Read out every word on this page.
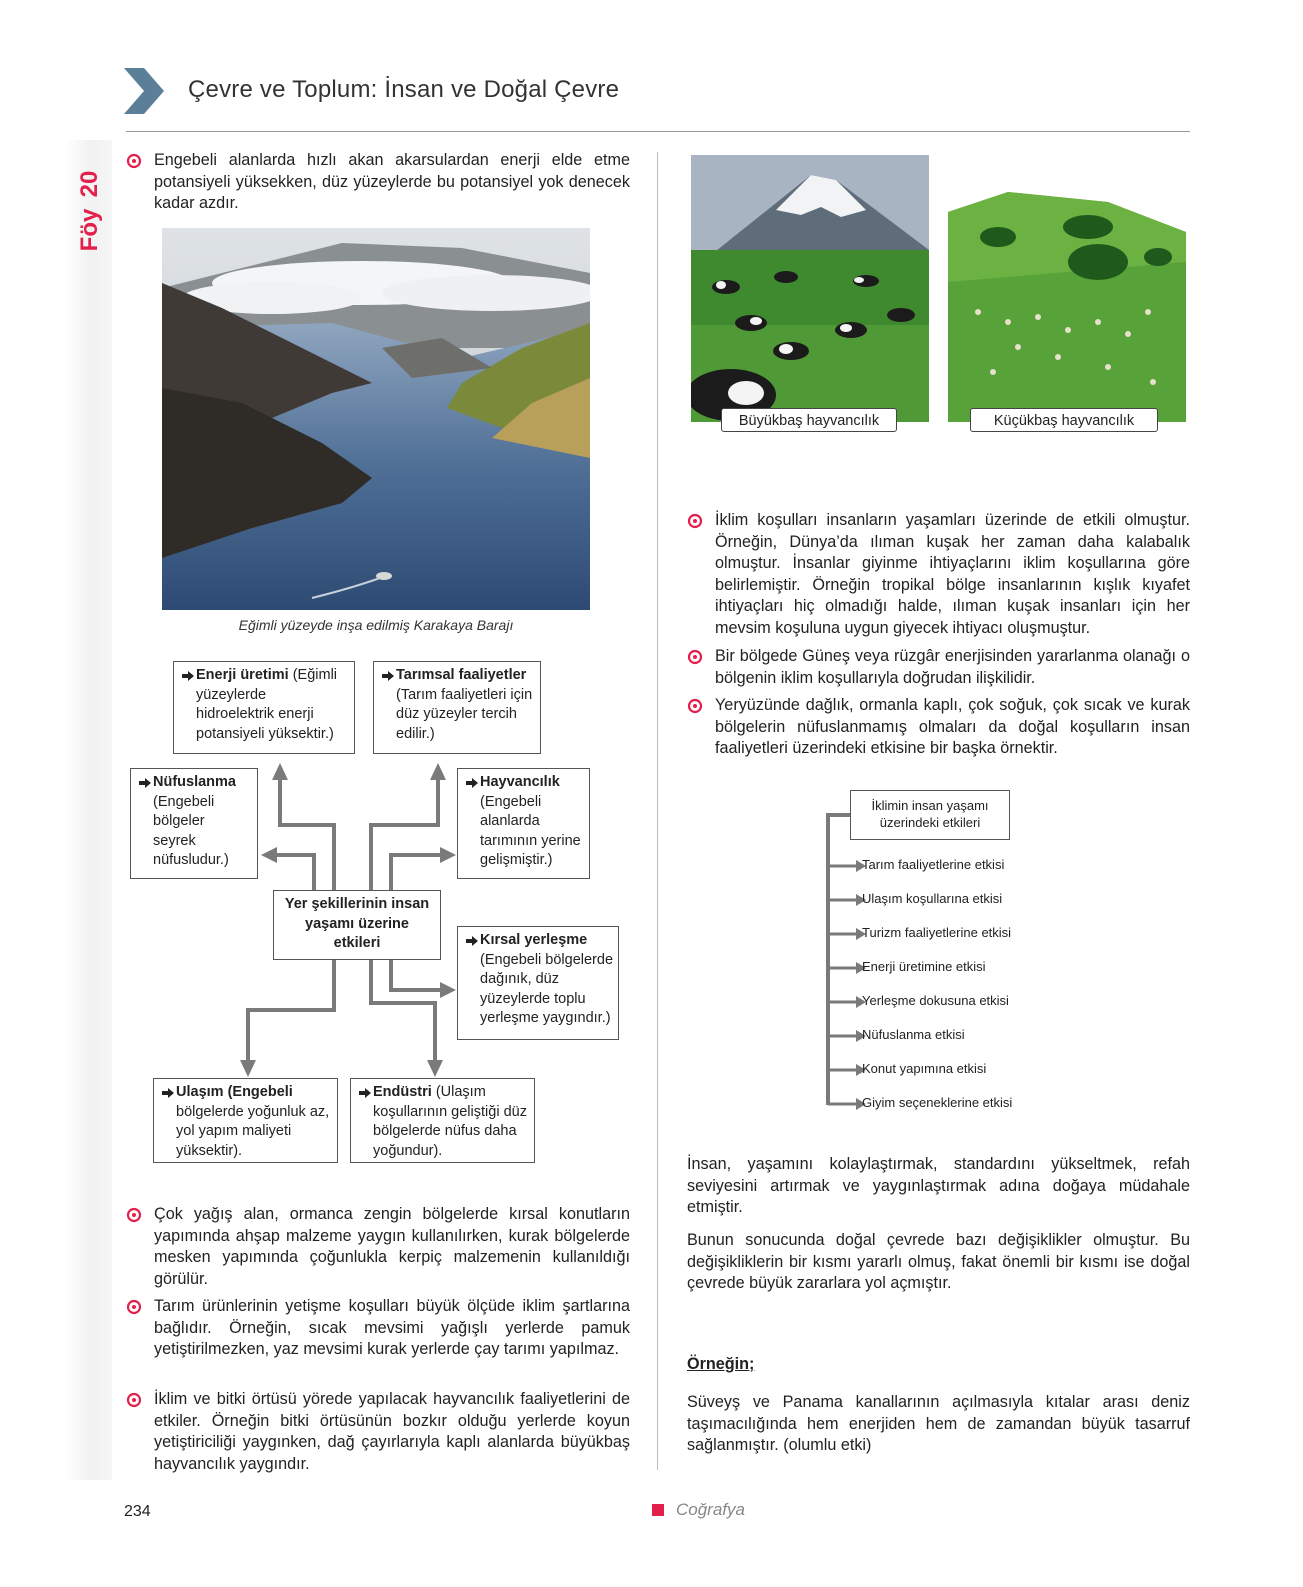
Çevre ve Toplum: İnsan ve Doğal Çevre
20
Föy
Engebeli alanlarda hızlı akan akarsulardan enerji elde etme potansiyeli yüksekken, düz yüzeylerde bu potansiyel yok denecek kadar azdır.
Eğimli yüzeyde inşa edilmiş Karakaya Barajı
Enerji üretimi (Eğimli yüzeylerde hidroelektrik enerji potansiyeli yüksektir.)
Tarımsal faaliyetler
(Tarım faaliyetleri için düz yüzeyler tercih edilir.)
Nüfuslanma
(Engebeli bölgeler seyrek nüfusludur.)
Hayvancılık
(Engebeli alanlarda tarımının yerine gelişmiştir.)
Yer şekillerinin insan yaşamı üzerine etkileri	Kırsal yerleşme
(Engebeli bölgelerde dağınık, düz yüzeylerde toplu yerleşme yaygındır.)
Ulaşım (Engebeli
bölgelerde yoğunluk az, yol yapım maliyeti yüksektir).
Endüstri (Ulaşım koşullarının geliştiği düz bölgelerde nüfus daha yoğundur).
Çok yağış alan, ormanca zengin bölgelerde kırsal konutların yapımında ahşap malzeme yaygın kullanılırken, kurak bölgelerde mesken yapımında çoğunlukla kerpiç malzemenin kullanıldığı görülür.
Tarım ürünlerinin yetişme koşulları büyük ölçüde iklim şartlarına bağlıdır. Örneğin, sıcak mevsimi yağışlı yerlerde pamuk yetiştirilmezken, yaz mevsimi kurak yerlerde çay tarımı yapılmaz.
İklim ve bitki örtüsü yörede yapılacak hayvancılık faaliyetlerini de etkiler. Örneğin bitki örtüsünün bozkır olduğu yerlerde koyun yetiştiriciliği yaygınken, dağ çayırlarıyla kaplı alanlarda büyükbaş hayvancılık yaygındır.
Büyükbaş hayvancılık	Küçükbaş hayvancılık
İklim koşulları insanların yaşamları üzerinde de etkili olmuştur. Örneğin, Dünya’da ılıman kuşak her zaman daha kalabalık olmuştur. İnsanlar giyinme ihtiyaçlarını iklim koşullarına göre belirlemiştir. Örneğin tropikal bölge insanlarının kışlık kıyafet ihtiyaçları hiç olmadığı halde, ılıman kuşak insanları için her mevsim koşuluna uygun giyecek ihtiyacı oluşmuştur.
Bir bölgede Güneş veya rüzgâr enerjisinden yararlanma olanağı o bölgenin iklim koşullarıyla doğrudan ilişkilidir.
Yeryüzünde dağlık, ormanla kaplı, çok soğuk, çok sıcak ve kurak bölgelerin nüfuslanmamış olmaları da doğal koşulların insan faaliyetleri üzerindeki etkisine bir başka örnektir.
İklimin insan yaşamı üzerindeki etkileri
Tarım faaliyetlerine etkisi
Ulaşım koşullarına etkisi
Turizm faaliyetlerine etkisi
Enerji üretimine etkisi
Yerleşme dokusuna etkisi
Nüfuslanma etkisi
Konut yapımına etkisi
Giyim seçeneklerine etkisi
İnsan, yaşamını kolaylaştırmak, standardını yükseltmek, refah seviyesini artırmak ve yaygınlaştırmak adına doğaya müdahale etmiştir.
Bunun sonucunda doğal çevrede bazı değişiklikler olmuştur. Bu değişikliklerin bir kısmı yararlı olmuş, fakat önemli bir kısmı ise doğal çevrede büyük zararlara yol açmıştır.
Örneğin;
Süveyş ve Panama kanallarının açılmasıyla kıtalar arası deniz taşımacılığında hem enerjiden hem de zamandan büyük tasarruf sağlanmıştır. (olumlu etki)
234	Coğrafya
